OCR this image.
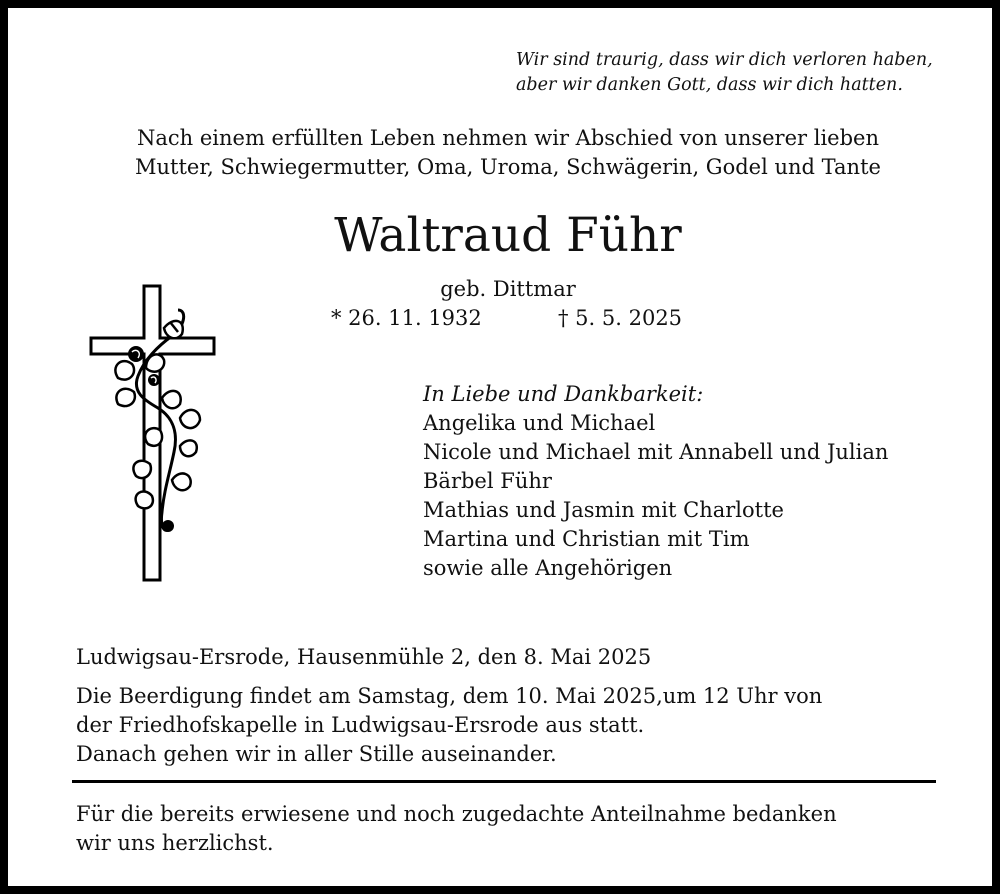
Wir sind traurig, dass wir dich verloren haben,
aber wir danken Gott, dass wir dich hatten.
Nach einem erfüllten Leben nehmen wir Abschied von unserer lieben
Mutter, Schwiegermutter, Oma, Uroma, Schwägerin, Godel und Tante
Waltraud Führ
geb. Dittmar
* 26. 11. 1932	† 5. 5. 2025
In Liebe und Dankbarkeit:
Angelika und Michael
Nicole und Michael mit Annabell und Julian
Bärbel Führ
Mathias und Jasmin mit Charlotte
Martina und Christian mit Tim
sowie alle Angehörigen
Ludwigsau-Ersrode, Hausenmühle 2, den 8. Mai 2025
Die Beerdigung findet am Samstag, dem 10. Mai 2025,um 12 Uhr von
der Friedhofskapelle in Ludwigsau-Ersrode aus statt.
Danach gehen wir in aller Stille auseinander.
Für die bereits erwiesene und noch zugedachte Anteilnahme bedanken
wir uns herzlichst.
